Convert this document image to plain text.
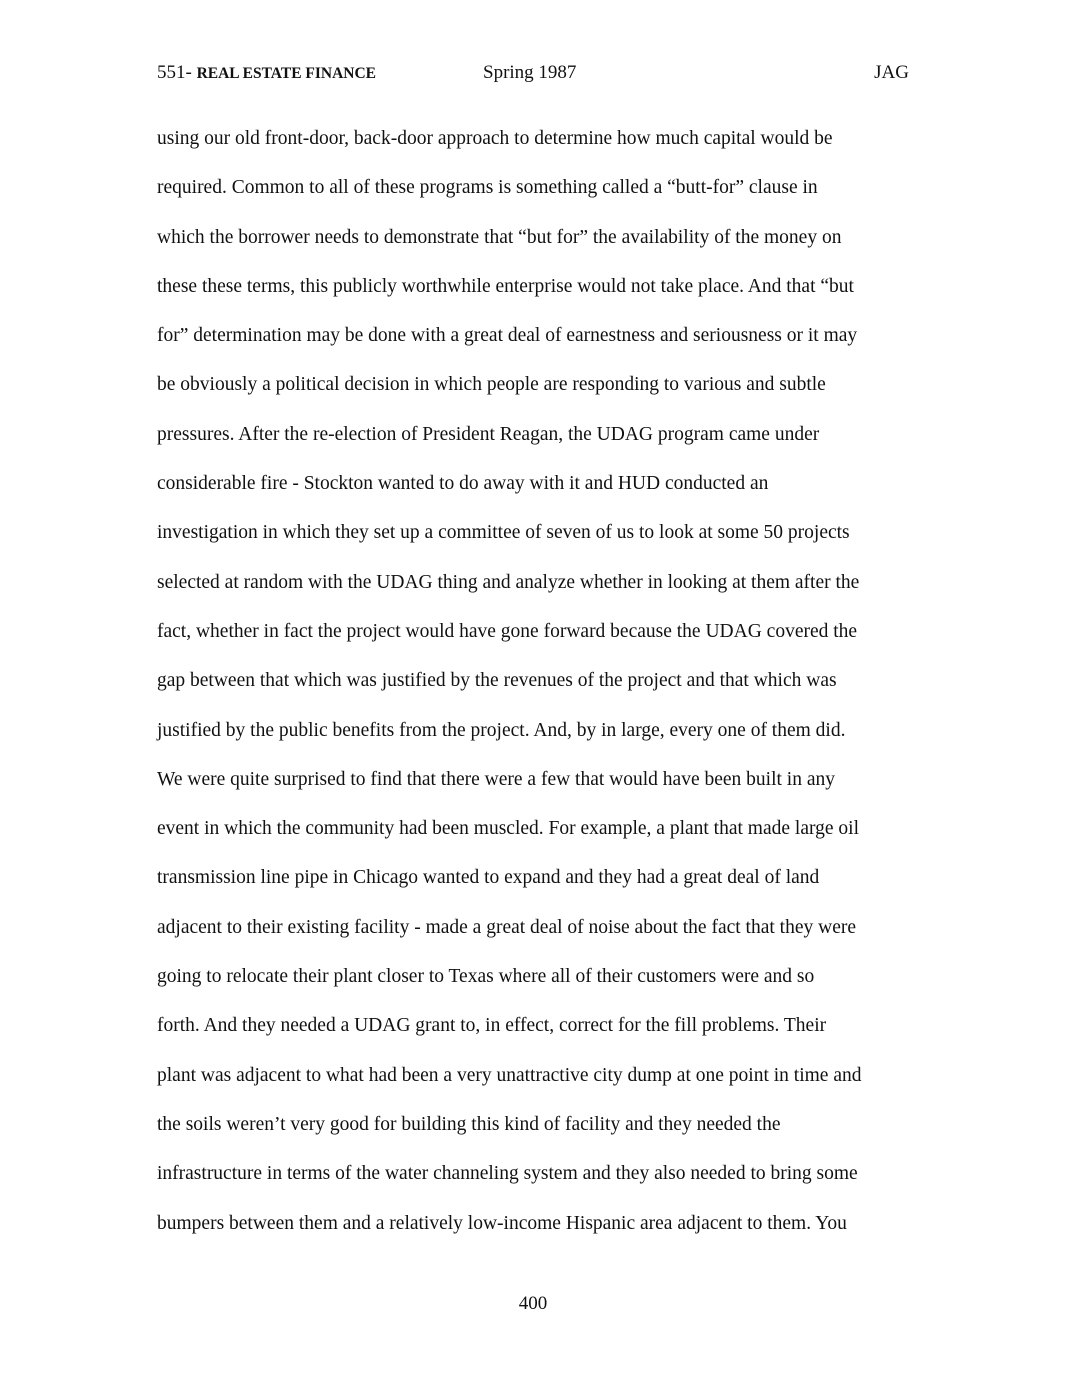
551- REAL ESTATE FINANCE	Spring 1987	JAG
using our old front-door, back-door approach to determine how much capital would be
required. Common to all of these programs is something called a “butt-for” clause in
which the borrower needs to demonstrate that “but for” the availability of the money on
these these terms, this publicly worthwhile enterprise would not take place. And that “but
for” determination may be done with a great deal of earnestness and seriousness or it may
be obviously a political decision in which people are responding to various and subtle
pressures. After the re-election of President Reagan, the UDAG program came under
considerable fire - Stockton wanted to do away with it and HUD conducted an
investigation in which they set up a committee of seven of us to look at some 50 projects
selected at random with the UDAG thing and analyze whether in looking at them after the
fact, whether in fact the project would have gone forward because the UDAG covered the
gap between that which was justified by the revenues of the project and that which was
justified by the public benefits from the project. And, by in large, every one of them did.
We were quite surprised to find that there were a few that would have been built in any
event in which the community had been muscled. For example, a plant that made large oil
transmission line pipe in Chicago wanted to expand and they had a great deal of land
adjacent to their existing facility - made a great deal of noise about the fact that they were
going to relocate their plant closer to Texas where all of their customers were and so
forth. And they needed a UDAG grant to, in effect, correct for the fill problems. Their
plant was adjacent to what had been a very unattractive city dump at one point in time and
the soils weren’t very good for building this kind of facility and they needed the
infrastructure in terms of the water channeling system and they also needed to bring some
bumpers between them and a relatively low-income Hispanic area adjacent to them. You
400
